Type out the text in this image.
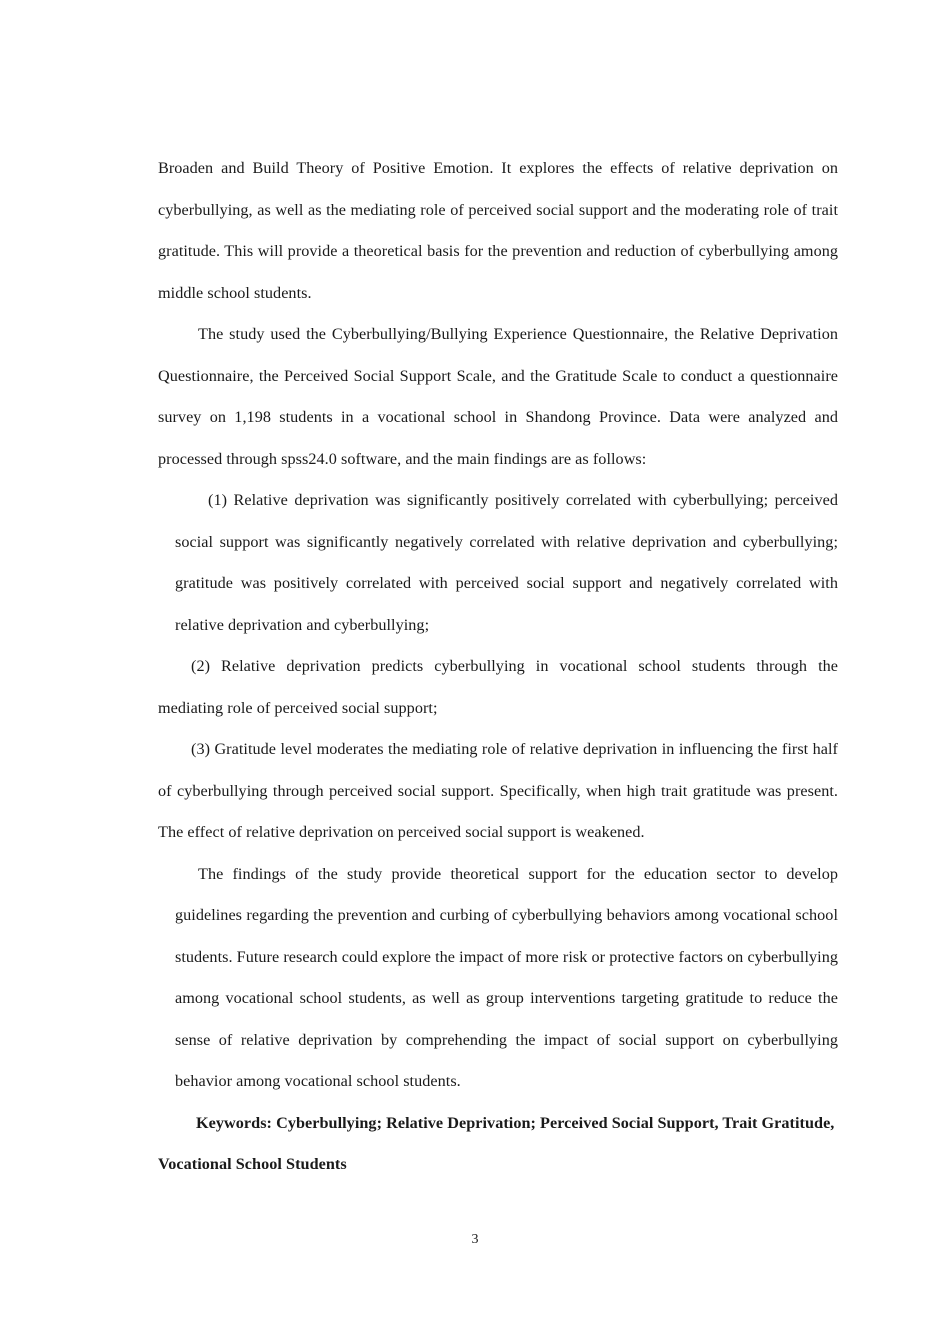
Broaden and Build Theory of Positive Emotion. It explores the effects of relative deprivation on cyberbullying, as well as the mediating role of perceived social support and the moderating role of trait gratitude. This will provide a theoretical basis for the prevention and reduction of cyberbullying among middle school students.

The study used the Cyberbullying/Bullying Experience Questionnaire, the Relative Deprivation Questionnaire, the Perceived Social Support Scale, and the Gratitude Scale to conduct a questionnaire survey on 1,198 students in a vocational school in Shandong Province. Data were analyzed and processed through spss24.0 software, and the main findings are as follows:

(1) Relative deprivation was significantly positively correlated with cyberbullying; perceived social support was significantly negatively correlated with relative deprivation and cyberbullying; gratitude was positively correlated with perceived social support and negatively correlated with relative deprivation and cyberbullying;

(2) Relative deprivation predicts cyberbullying in vocational school students through the mediating role of perceived social support;

(3) Gratitude level moderates the mediating role of relative deprivation in influencing the first half of cyberbullying through perceived social support. Specifically, when high trait gratitude was present. The effect of relative deprivation on perceived social support is weakened.

The findings of the study provide theoretical support for the education sector to develop guidelines regarding the prevention and curbing of cyberbullying behaviors among vocational school students. Future research could explore the impact of more risk or protective factors on cyberbullying among vocational school students, as well as group interventions targeting gratitude to reduce the sense of relative deprivation by comprehending the impact of social support on cyberbullying behavior among vocational school students.

Keywords: Cyberbullying; Relative Deprivation; Perceived Social Support, Trait Gratitude, Vocational School Students

3
